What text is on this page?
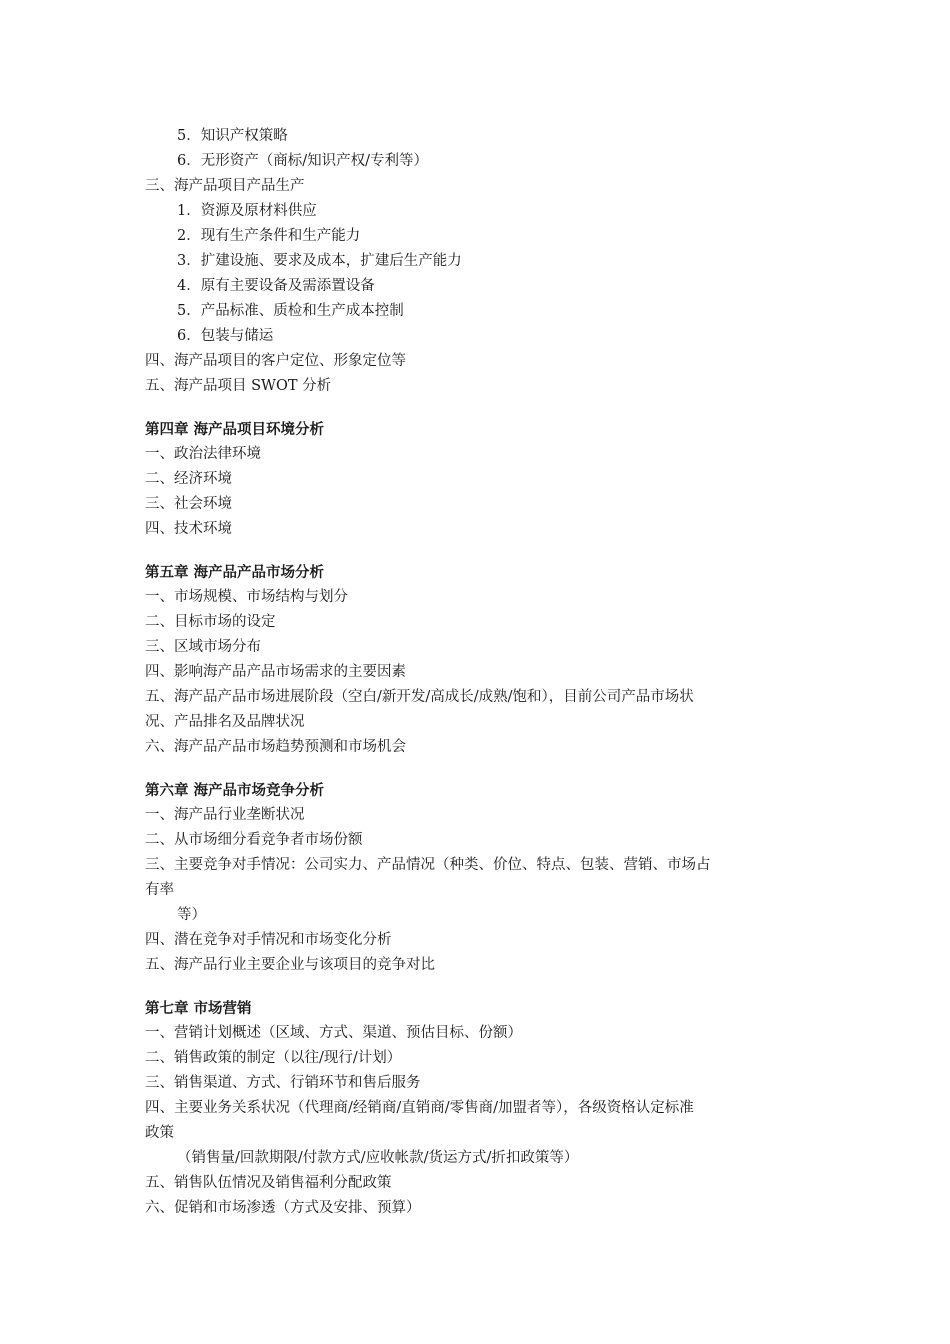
5．知识产权策略
6．无形资产（商标/知识产权/专利等）
三、海产品项目产品生产
1．资源及原材料供应
2．现有生产条件和生产能力
3．扩建设施、要求及成本，扩建后生产能力
4．原有主要设备及需添置设备
5．产品标准、质检和生产成本控制
6．包装与储运
四、海产品项目的客户定位、形象定位等
五、海产品项目 SWOT 分析
第四章 海产品项目环境分析
一、政治法律环境
二、经济环境
三、社会环境
四、技术环境
第五章 海产品产品市场分析
一、市场规模、市场结构与划分
二、目标市场的设定
三、区域市场分布
四、影响海产品产品市场需求的主要因素
五、海产品产品市场进展阶段（空白/新开发/高成长/成熟/饱和），目前公司产品市场状
况、产品排名及品牌状况
六、海产品产品市场趋势预测和市场机会
第六章 海产品市场竞争分析
一、海产品行业垄断状况
二、从市场细分看竞争者市场份额
三、主要竞争对手情况：公司实力、产品情况（种类、价位、特点、包装、营销、市场占
有率
等）
四、潜在竞争对手情况和市场变化分析
五、海产品行业主要企业与该项目的竞争对比
第七章 市场营销
一、营销计划概述（区域、方式、渠道、预估目标、份额）
二、销售政策的制定（以往/现行/计划）
三、销售渠道、方式、行销环节和售后服务
四、主要业务关系状况（代理商/经销商/直销商/零售商/加盟者等），各级资格认定标准
政策
（销售量/回款期限/付款方式/应收帐款/货运方式/折扣政策等）
五、销售队伍情况及销售福利分配政策
六、促销和市场渗透（方式及安排、预算）
